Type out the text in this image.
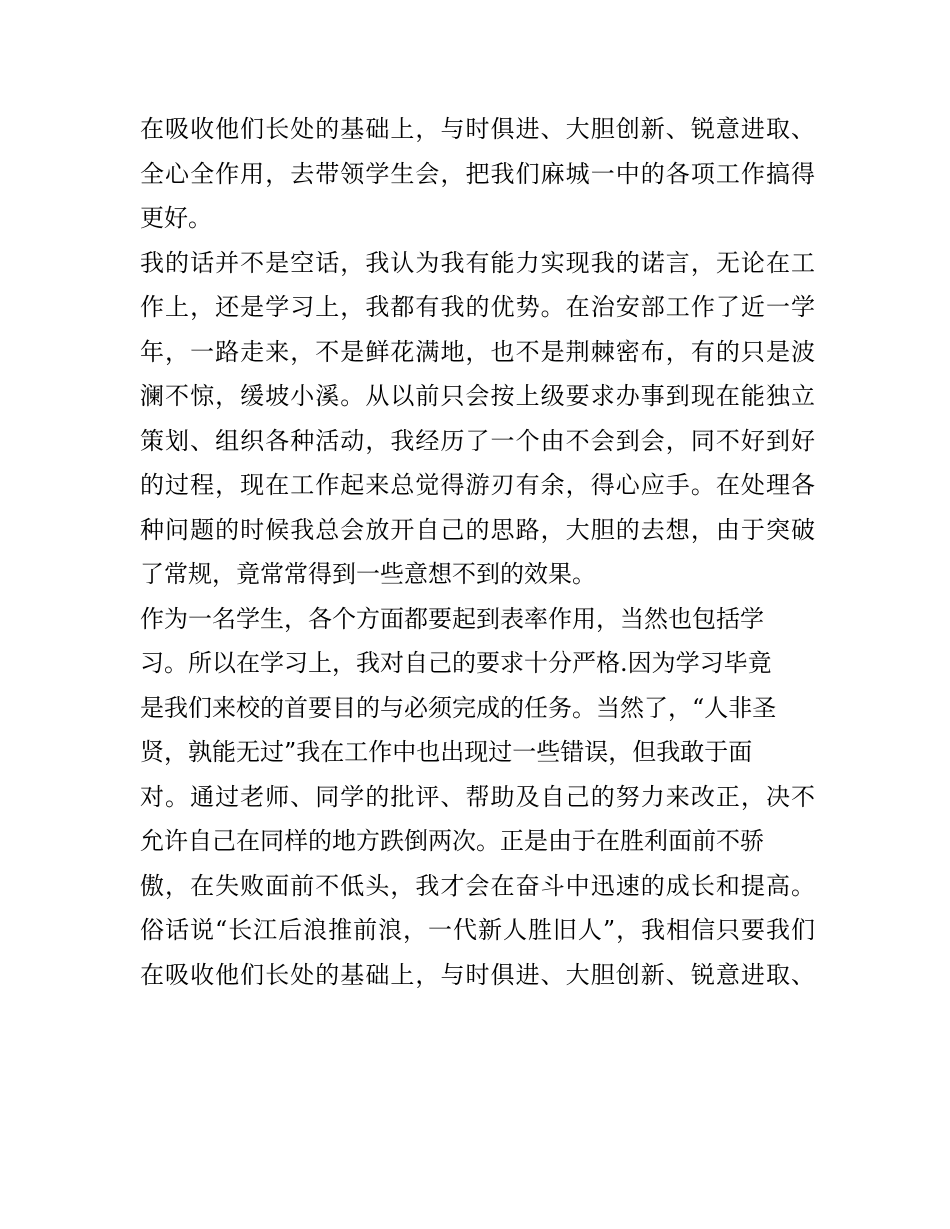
在吸收他们长处的基础上，与时俱进、大胆创新、锐意进取、
全心全作用，去带领学生会，把我们麻城一中的各项工作搞得
更好。
我的话并不是空话，我认为我有能力实现我的诺言，无论在工
作上，还是学习上，我都有我的优势。在治安部工作了近一学
年，一路走来，不是鲜花满地，也不是荆棘密布，有的只是波
澜不惊，缓坡小溪。从以前只会按上级要求办事到现在能独立
策划、组织各种活动，我经历了一个由不会到会，同不好到好
的过程，现在工作起来总觉得游刃有余，得心应手。在处理各
种问题的时候我总会放开自己的思路，大胆的去想，由于突破
了常规，竟常常得到一些意想不到的效果。
作为一名学生，各个方面都要起到表率作用，当然也包括学
习。所以在学习上，我对自己的要求十分严格.因为学习毕竟
是我们来校的首要目的与必须完成的任务。当然了，“人非圣
贤，孰能无过”我在工作中也出现过一些错误，但我敢于面
对。通过老师、同学的批评、帮助及自己的努力来改正，决不
允许自己在同样的地方跌倒两次。正是由于在胜利面前不骄
傲，在失败面前不低头，我才会在奋斗中迅速的成长和提高。
俗话说“长江后浪推前浪，一代新人胜旧人”，我相信只要我们
在吸收他们长处的基础上，与时俱进、大胆创新、锐意进取、
